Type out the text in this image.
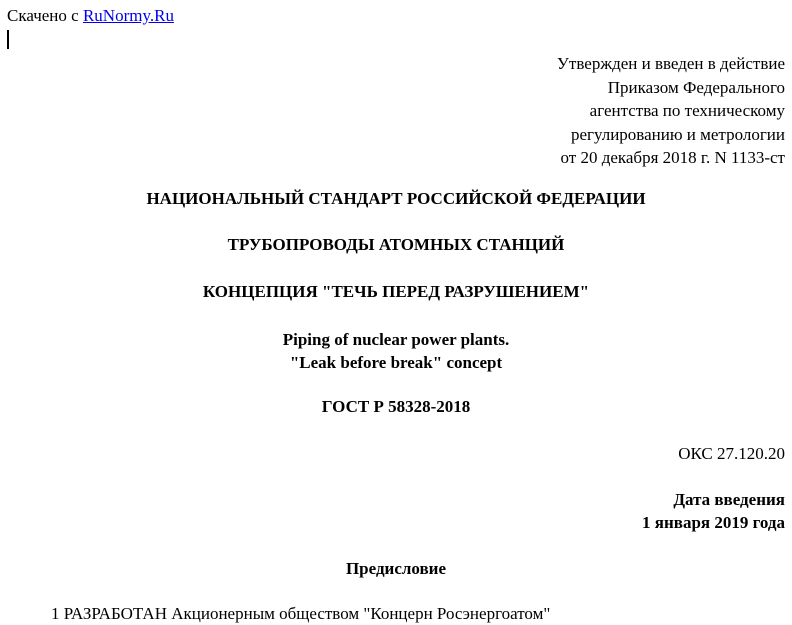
Скачено с RuNormy.Ru
Утвержден и введен в действие
Приказом Федерального
агентства по техническому
регулированию и метрологии
от 20 декабря 2018 г. N 1133-ст
НАЦИОНАЛЬНЫЙ СТАНДАРТ РОССИЙСКОЙ ФЕДЕРАЦИИ
ТРУБОПРОВОДЫ АТОМНЫХ СТАНЦИЙ
КОНЦЕПЦИЯ "ТЕЧЬ ПЕРЕД РАЗРУШЕНИЕМ"
Piping of nuclear power plants.
"Leak before break" concept
ГОСТ Р 58328-2018
ОКС 27.120.20
Дата введения
1 января 2019 года
Предисловие
1 РАЗРАБОТАН Акционерным обществом "Концерн Росэнергоатом"
